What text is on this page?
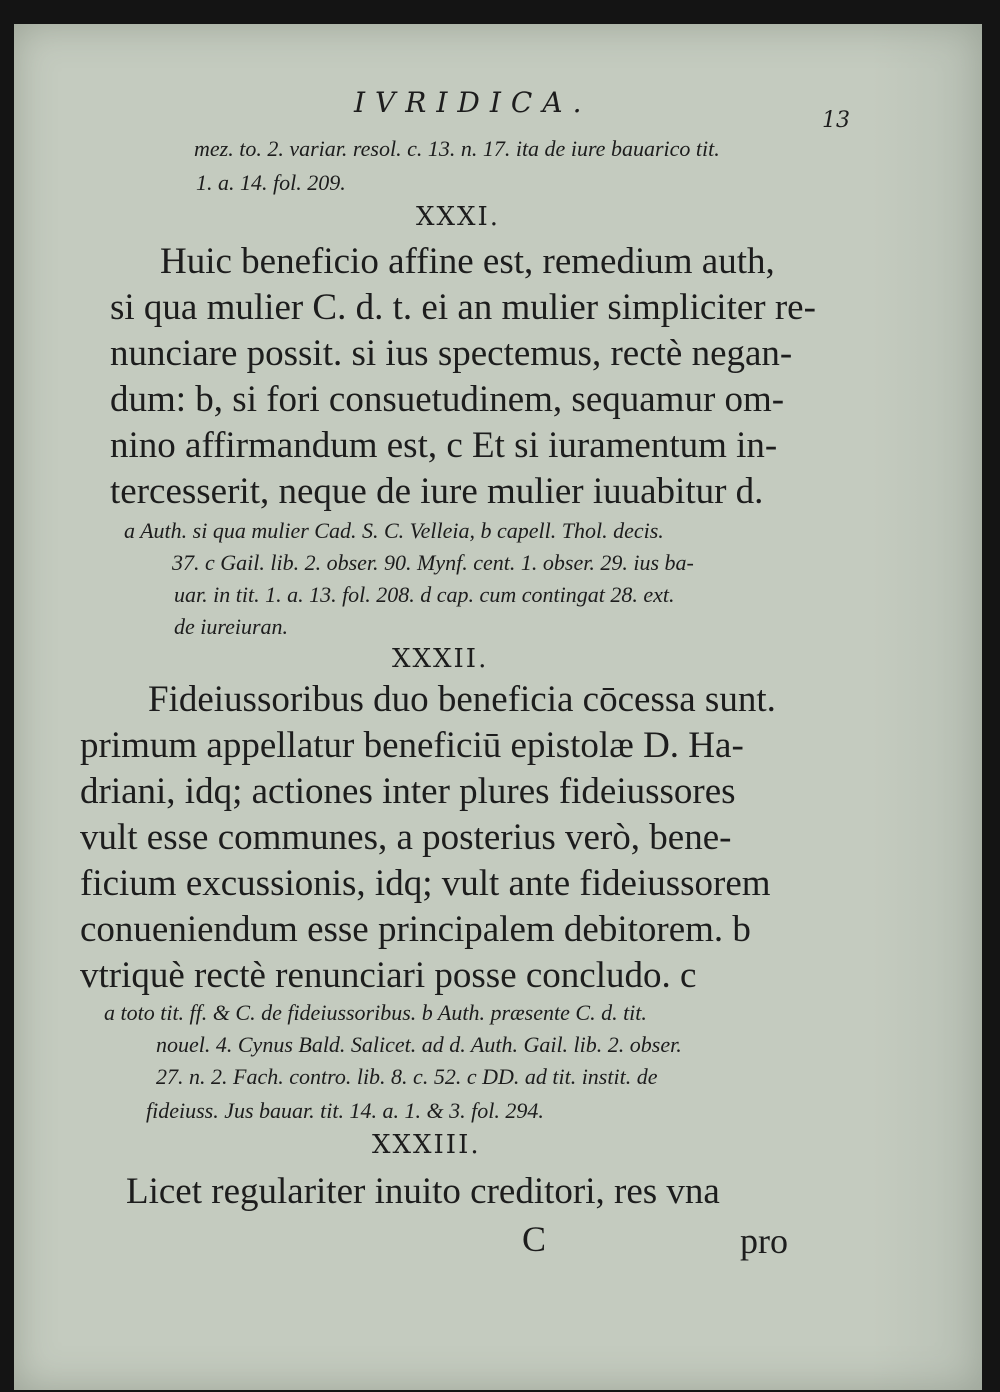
IVRIDICA.
13
mez. to. 2. variar. resol. c. 13. n. 17. ita de iure bauarico tit.
1. a. 14. fol. 209.
XXXI.
Huic beneficio affine est, remedium auth,
si qua mulier C. d. t. ei an mulier simpliciter re-
nunciare possit. si ius spectemus, rectè negan-
dum: b, si fori consuetudinem, sequamur om-
nino affirmandum est, c Et si iuramentum in-
tercesserit, neque de iure mulier iuuabitur d.
a Auth. si qua mulier Cad. S. C. Velleia, b capell. Thol. decis.
37. c Gail. lib. 2. obser. 90. Mynf. cent. 1. obser. 29. ius ba-
uar. in tit. 1. a. 13. fol. 208. d cap. cum contingat 28. ext.
de iureiuran.
XXXII.
Fideiussoribus duo beneficia cōcessa sunt.
primum appellatur beneficiū epistolæ D. Ha-
driani, idq; actiones inter plures fideiussores
vult esse communes, a posterius verò, bene-
ficium excussionis, idq; vult ante fideiussorem
conueniendum esse principalem debitorem. b
vtriquè rectè renunciari posse concludo. c
a toto tit. ff. & C. de fideiussoribus. b Auth. præsente C. d. tit.
nouel. 4. Cynus Bald. Salicet. ad d. Auth. Gail. lib. 2. obser.
27. n. 2. Fach. contro. lib. 8. c. 52. c DD. ad tit. instit. de
fideiuss. Jus bauar. tit. 14. a. 1. & 3. fol. 294.
XXXIII.
Licet regulariter inuito creditori, res vna
C	pro
